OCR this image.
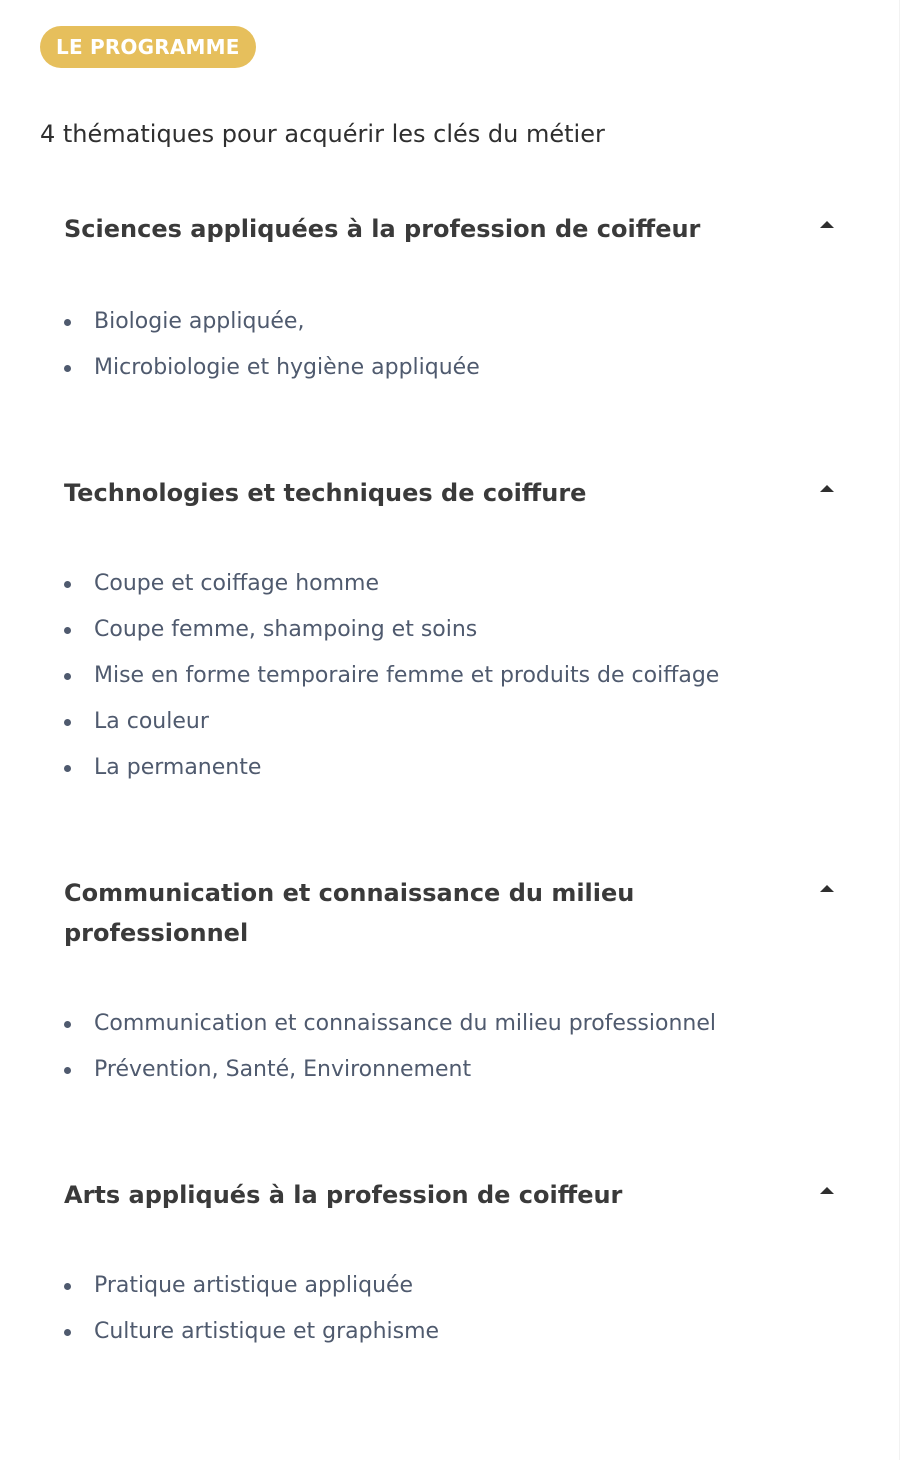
LE PROGRAMME
4 thématiques pour acquérir les clés du métier
Sciences appliquées à la profession de coiffeur
Biologie appliquée,
Microbiologie et hygiène appliquée
Technologies et techniques de coiffure
Coupe et coiffage homme
Coupe femme, shampoing et soins
Mise en forme temporaire femme et produits de coiffage
La couleur
La permanente
Communication et connaissance du milieu professionnel
Communication et connaissance du milieu professionnel
Prévention, Santé, Environnement
Arts appliqués à la profession de coiffeur
Pratique artistique appliquée
Culture artistique et graphisme
